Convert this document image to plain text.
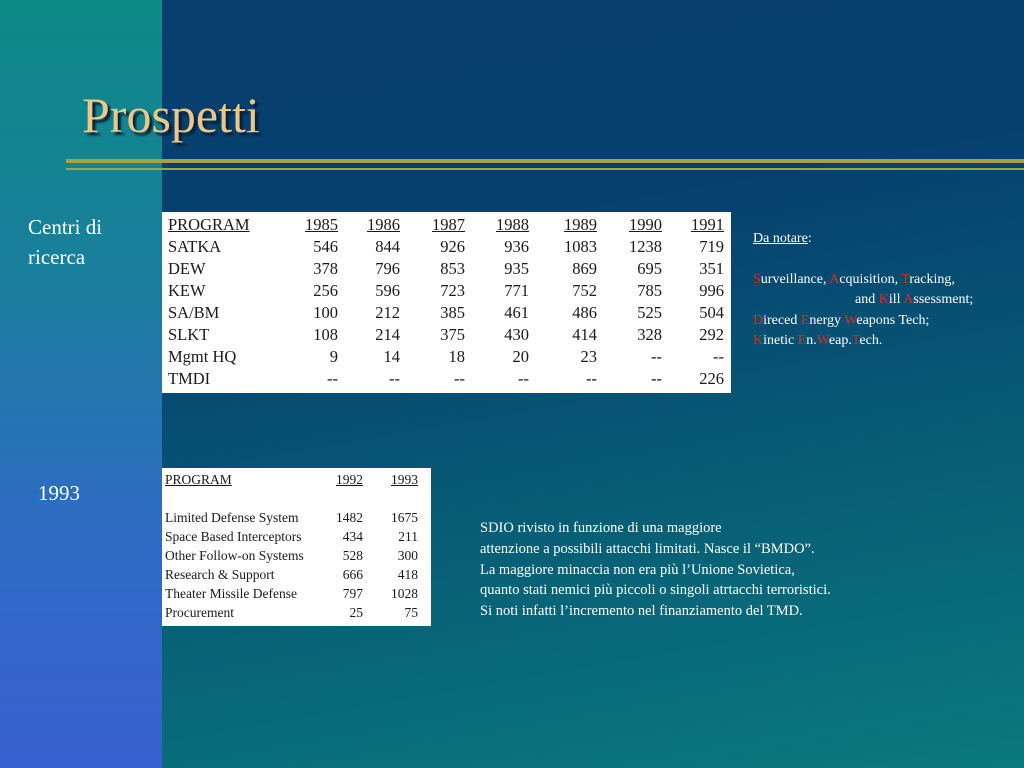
Prospetti
Centri di ricerca
1993
PROGRAM	1985	1986	1987	1988	1989	1990	1991
SATKA	546	844	926	936	1083	1238	719
DEW	378	796	853	935	869	695	351
KEW	256	596	723	771	752	785	996
SA/BM	100	212	385	461	486	525	504
SLKT	108	214	375	430	414	328	292
Mgmt HQ	9	14	18	20	23	--	--
TMDI	--	--	--	--	--	--	226
PROGRAM	1992	1993

Limited Defense System	1482	1675
Space Based Interceptors	434	211
Other Follow-on Systems	528	300
Research & Support	666	418
Theater Missile Defense	797	1028
Procurement	25	75
Da notare:
Surveillance, Acquisition, Tracking,
and Kill Assessment;
Direced Energy Weapons Tech;
Kinetic En.Weap.Tech.
SDIO rivisto in funzione di una maggiore
attenzione a possibili attacchi limitati. Nasce il “BMDO”.
La maggiore minaccia non era più l’Unione Sovietica,
quanto stati nemici più piccoli o singoli atrtacchi terroristici.
Si noti infatti l’incremento nel finanziamento del TMD.
